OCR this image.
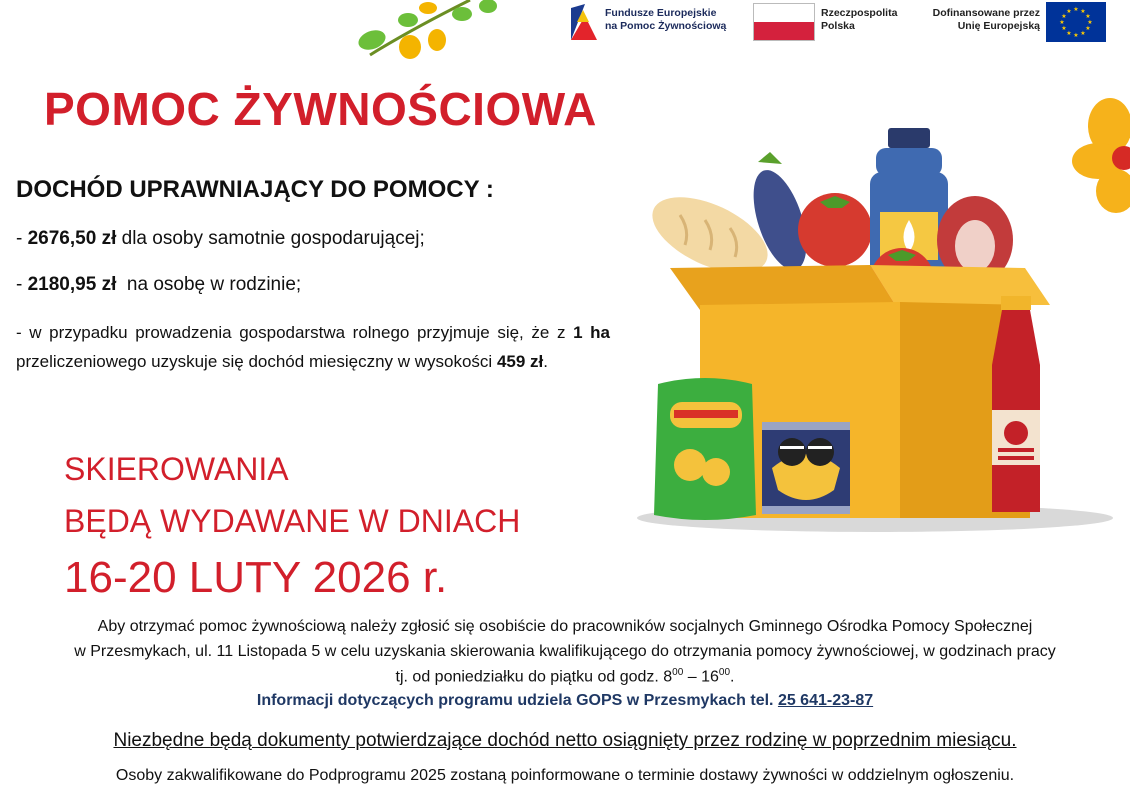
Fundusze Europejskie
na Pomoc Żywnościową
Rzeczpospolita
Polska
Dofinansowane przez
Unię Europejską
★ ★
★
★
★
★
★
★
★
★
★
★
POMOC ŻYWNOŚCIOWA
DOCHÓD UPRAWNIAJĄCY DO POMOCY :
- 2676,50 zł dla osoby samotnie gospodarującej;
- 2180,95 zł  na osobę w rodzinie;
- w przypadku prowadzenia gospodarstwa rolnego przyjmuje się, że z 1 ha przeliczeniowego uzyskuje się dochód miesięczny w wysokości 459 zł.
SKIEROWANIA
BĘDĄ WYDAWANE W DNIACH
16-20 LUTY 2026 r.
Aby otrzymać pomoc żywnościową należy zgłosić się osobiście do pracowników socjalnych Gminnego Ośrodka Pomocy Społecznej
w Przesmykach, ul. 11 Listopada 5 w celu uzyskania skierowania kwalifikującego do otrzymania pomocy żywnościowej, w godzinach pracy
tj. od poniedziałku do piątku od godz. $8^{00} - 16^{00}$.
Informacji dotyczących programu udziela GOPS w Przesmykach tel. 25 641-23-87
Niezbędne będą dokumenty potwierdzające dochód netto osiągnięty przez rodzinę w poprzednim miesiącu.
Osoby zakwalifikowane do Podprogramu 2025 zostaną poinformowane o terminie dostawy żywności w oddzielnym ogłoszeniu.
